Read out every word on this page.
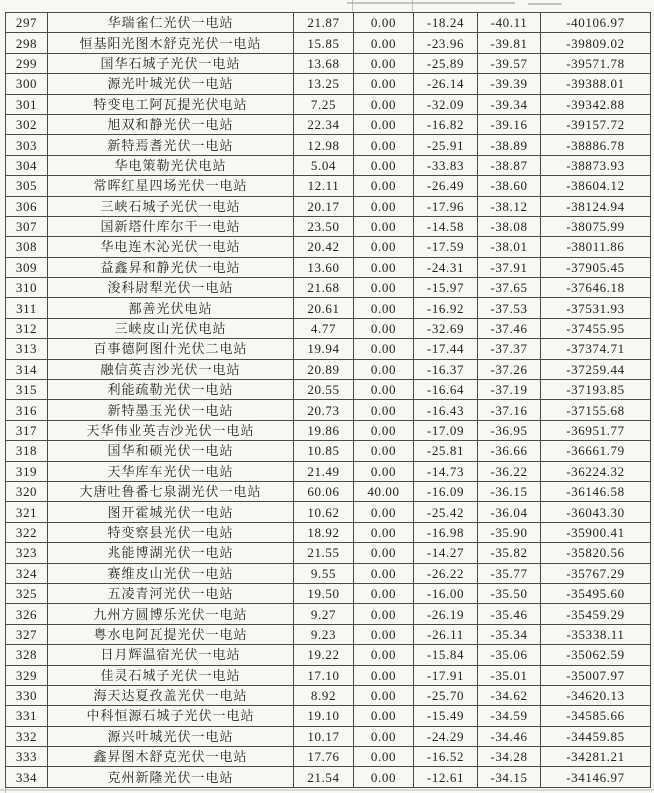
297	华瑞雀仁光伏一电站	21.87	0.00	-18.24	-40.11	-40106.97
298	恒基阳光图木舒克光伏一电站	15.85	0.00	-23.96	-39.81	-39809.02
299	国华石城子光伏一电站	13.68	0.00	-25.89	-39.57	-39571.78
300	源光叶城光伏一电站	13.25	0.00	-26.14	-39.39	-39388.01
301	特变电工阿瓦提光伏电站	7.25	0.00	-32.09	-39.34	-39342.88
302	旭双和静光伏一电站	22.34	0.00	-16.82	-39.16	-39157.72
303	新特焉耆光伏一电站	12.98	0.00	-25.91	-38.89	-38886.78
304	华电策勒光伏电站	5.04	0.00	-33.83	-38.87	-38873.93
305	常晖红星四场光伏一电站	12.11	0.00	-26.49	-38.60	-38604.12
306	三峡石城子光伏一电站	20.17	0.00	-17.96	-38.12	-38124.94
307	国新塔什库尔干一电站	23.50	0.00	-14.58	-38.08	-38075.99
308	华电连木沁光伏一电站	20.42	0.00	-17.59	-38.01	-38011.86
309	益鑫昇和静光伏一电站	13.60	0.00	-24.31	-37.91	-37905.45
310	浚科尉犁光伏一电站	21.68	0.00	-15.97	-37.65	-37646.18
311	鄯善光伏电站	20.61	0.00	-16.92	-37.53	-37531.93
312	三峡皮山光伏电站	4.77	0.00	-32.69	-37.46	-37455.95
313	百事德阿图什光伏二电站	19.94	0.00	-17.44	-37.37	-37374.71
314	融信英吉沙光伏一电站	20.89	0.00	-16.37	-37.26	-37259.44
315	利能疏勒光伏一电站	20.55	0.00	-16.64	-37.19	-37193.85
316	新特墨玉光伏一电站	20.73	0.00	-16.43	-37.16	-37155.68
317	天华伟业英吉沙光伏一电站	19.86	0.00	-17.09	-36.95	-36951.77
318	国华和硕光伏一电站	10.85	0.00	-25.81	-36.66	-36661.79
319	天华库车光伏一电站	21.49	0.00	-14.73	-36.22	-36224.32
320	大唐吐鲁番七泉湖光伏一电站	60.06	40.00	-16.09	-36.15	-36146.58
321	图开霍城光伏一电站	10.62	0.00	-25.42	-36.04	-36043.30
322	特变察县光伏一电站	18.92	0.00	-16.98	-35.90	-35900.41
323	兆能博湖光伏一电站	21.55	0.00	-14.27	-35.82	-35820.56
324	赛维皮山光伏一电站	9.55	0.00	-26.22	-35.77	-35767.29
325	五凌青河光伏一电站	19.50	0.00	-16.00	-35.50	-35495.60
326	九州方圆博乐光伏一电站	9.27	0.00	-26.19	-35.46	-35459.29
327	粤水电阿瓦提光伏一电站	9.23	0.00	-26.11	-35.34	-35338.11
328	日月辉温宿光伏一电站	19.22	0.00	-15.84	-35.06	-35062.59
329	佳灵石城子光伏一电站	17.10	0.00	-17.91	-35.01	-35007.97
330	海天达夏孜盖光伏一电站	8.92	0.00	-25.70	-34.62	-34620.13
331	中科恒源石城子光伏一电站	19.10	0.00	-15.49	-34.59	-34585.66
332	源兴叶城光伏一电站	10.17	0.00	-24.29	-34.46	-34459.85
333	鑫昇图木舒克光伏一电站	17.76	0.00	-16.52	-34.28	-34281.21
334	克州新隆光伏一电站	21.54	0.00	-12.61	-34.15	-34146.97
